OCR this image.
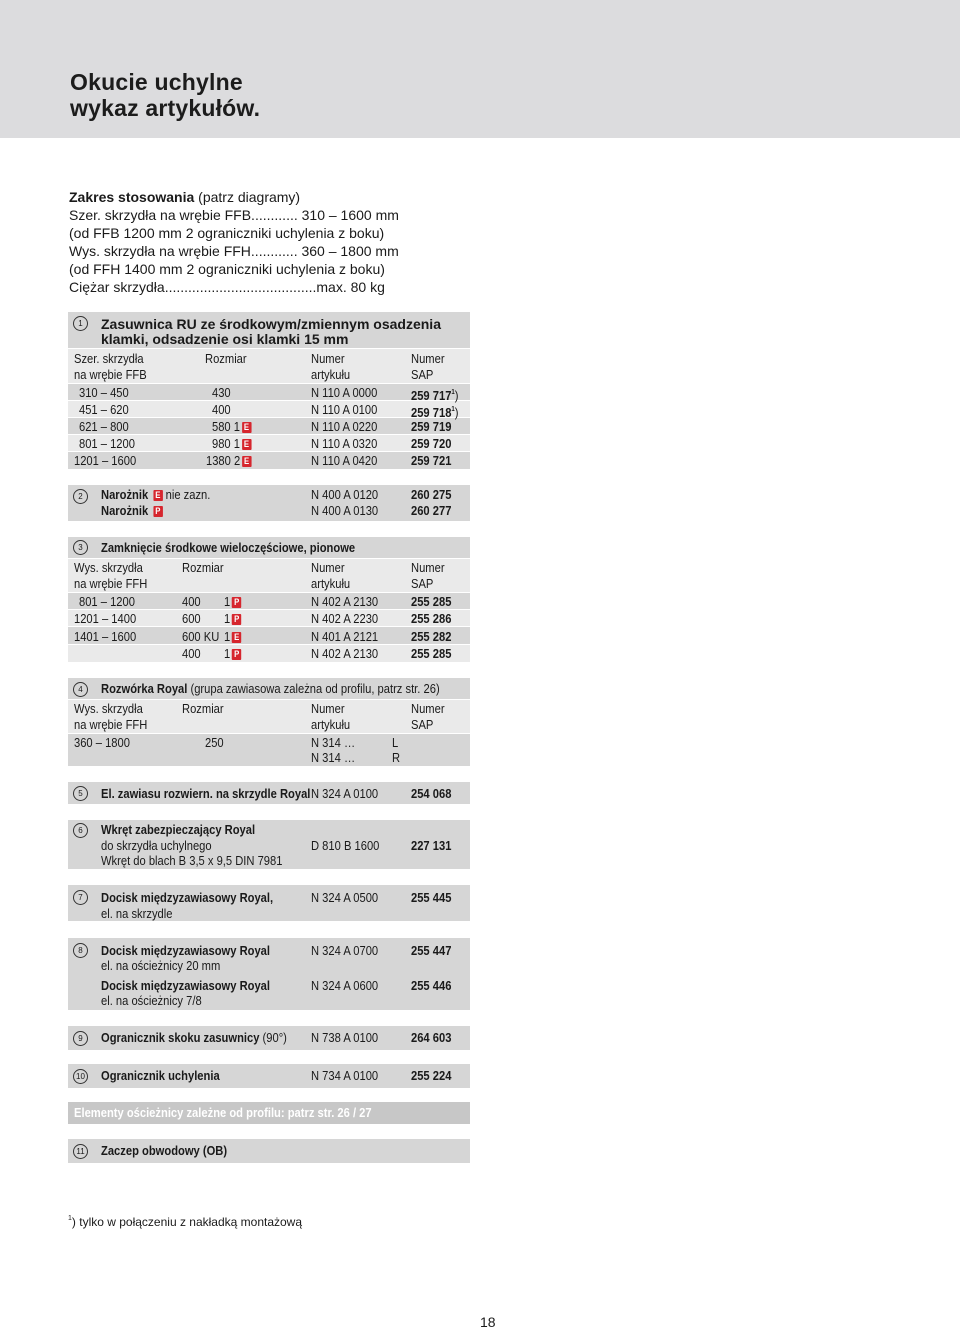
Okucie uchylne
wykaz artykułów.
Zakres stosowania (patrz diagramy)
Szer. skrzydła na wrębie FFB............ 310 – 1600 mm
(od FFB 1200 mm 2 ograniczniki uchylenia z boku)
Wys. skrzydła na wrębie FFH............ 360 – 1800 mm
(od FFH 1400 mm 2 ograniczniki uchylenia z boku)
Ciężar skrzydła.......................................max. 80 kg
1	Zasuwnica RU ze środkowym/zmiennym osadzenia
klamki, odsadzenie osi klamki 15 mm
Szer. skrzydła
na wrębie FFB
Rozmiar	Numer
artykułu
Numer
SAP
310 – 450	430	N 110 A 0000	259 $717^1$)
451 – 620	400	N 110 A 0100	259 $718^1$)
621 – 800	580 1 E	N 110 A 0220	259 719
801 – 1200	980 1 E	N 110 A 0320	259 720
1201 – 1600	1380 2 E	N 110 A 0420	259 721
2	Narożnik E nie zazn.	N 400 A 0120	260 275
Narożnik P	N 400 A 0130	260 277
3	Zamknięcie środkowe wieloczęściowe, pionowe
Wys. skrzydła
na wrębie FFH
Rozmiar	Numer
artykułu
Numer
SAP
801 – 1200	400 1 P	N 402 A 2130	255 285
1201 – 1400	600 1 P	N 402 A 2230	255 286
1401 – 1600	600 KU 1 E	N 401 A 2121	255 282
400 1 P	N 402 A 2130	255 285
4	Rozwórka Royal (grupa zawiasowa zależna od profilu, patrz str. 26)
Wys. skrzydła
na wrębie FFH
Rozmiar	Numer
artykułu
Numer
SAP
360 – 1800	250	N 314 …	L
N 314 …	R
5	El. zawiasu rozwiern. na skrzydle Royal N 324 A 0100	254 068
6	Wkręt zabezpieczający Royal
do skrzydła uchylnego
Wkręt do blach B 3,5 x 9,5 DIN 7981
D 810 B 1600 227 131
7	Docisk międzyzawiasowy Royal,
el. na skrzydle
N 324 A 0500	255 445
8	Docisk międzyzawiasowy Royal
el. na ościeżnicy 20 mm
N 324 A 0700	255 447
Docisk międzyzawiasowy Royal
el. na ościeżnicy 7/8
N 324 A 0600	255 446
9	Ogranicznik skoku zasuwnicy (90°) N 738 A 0100	264 603
10 Ogranicznik uchylenia	N 734 A 0100	255 224
Elementy ościeżnicy zależne od profilu: patrz str. 26 / 27
11 Zaczep obwodowy (OB)
$^1$) tylko w połączeniu z nakładką montażową
18
